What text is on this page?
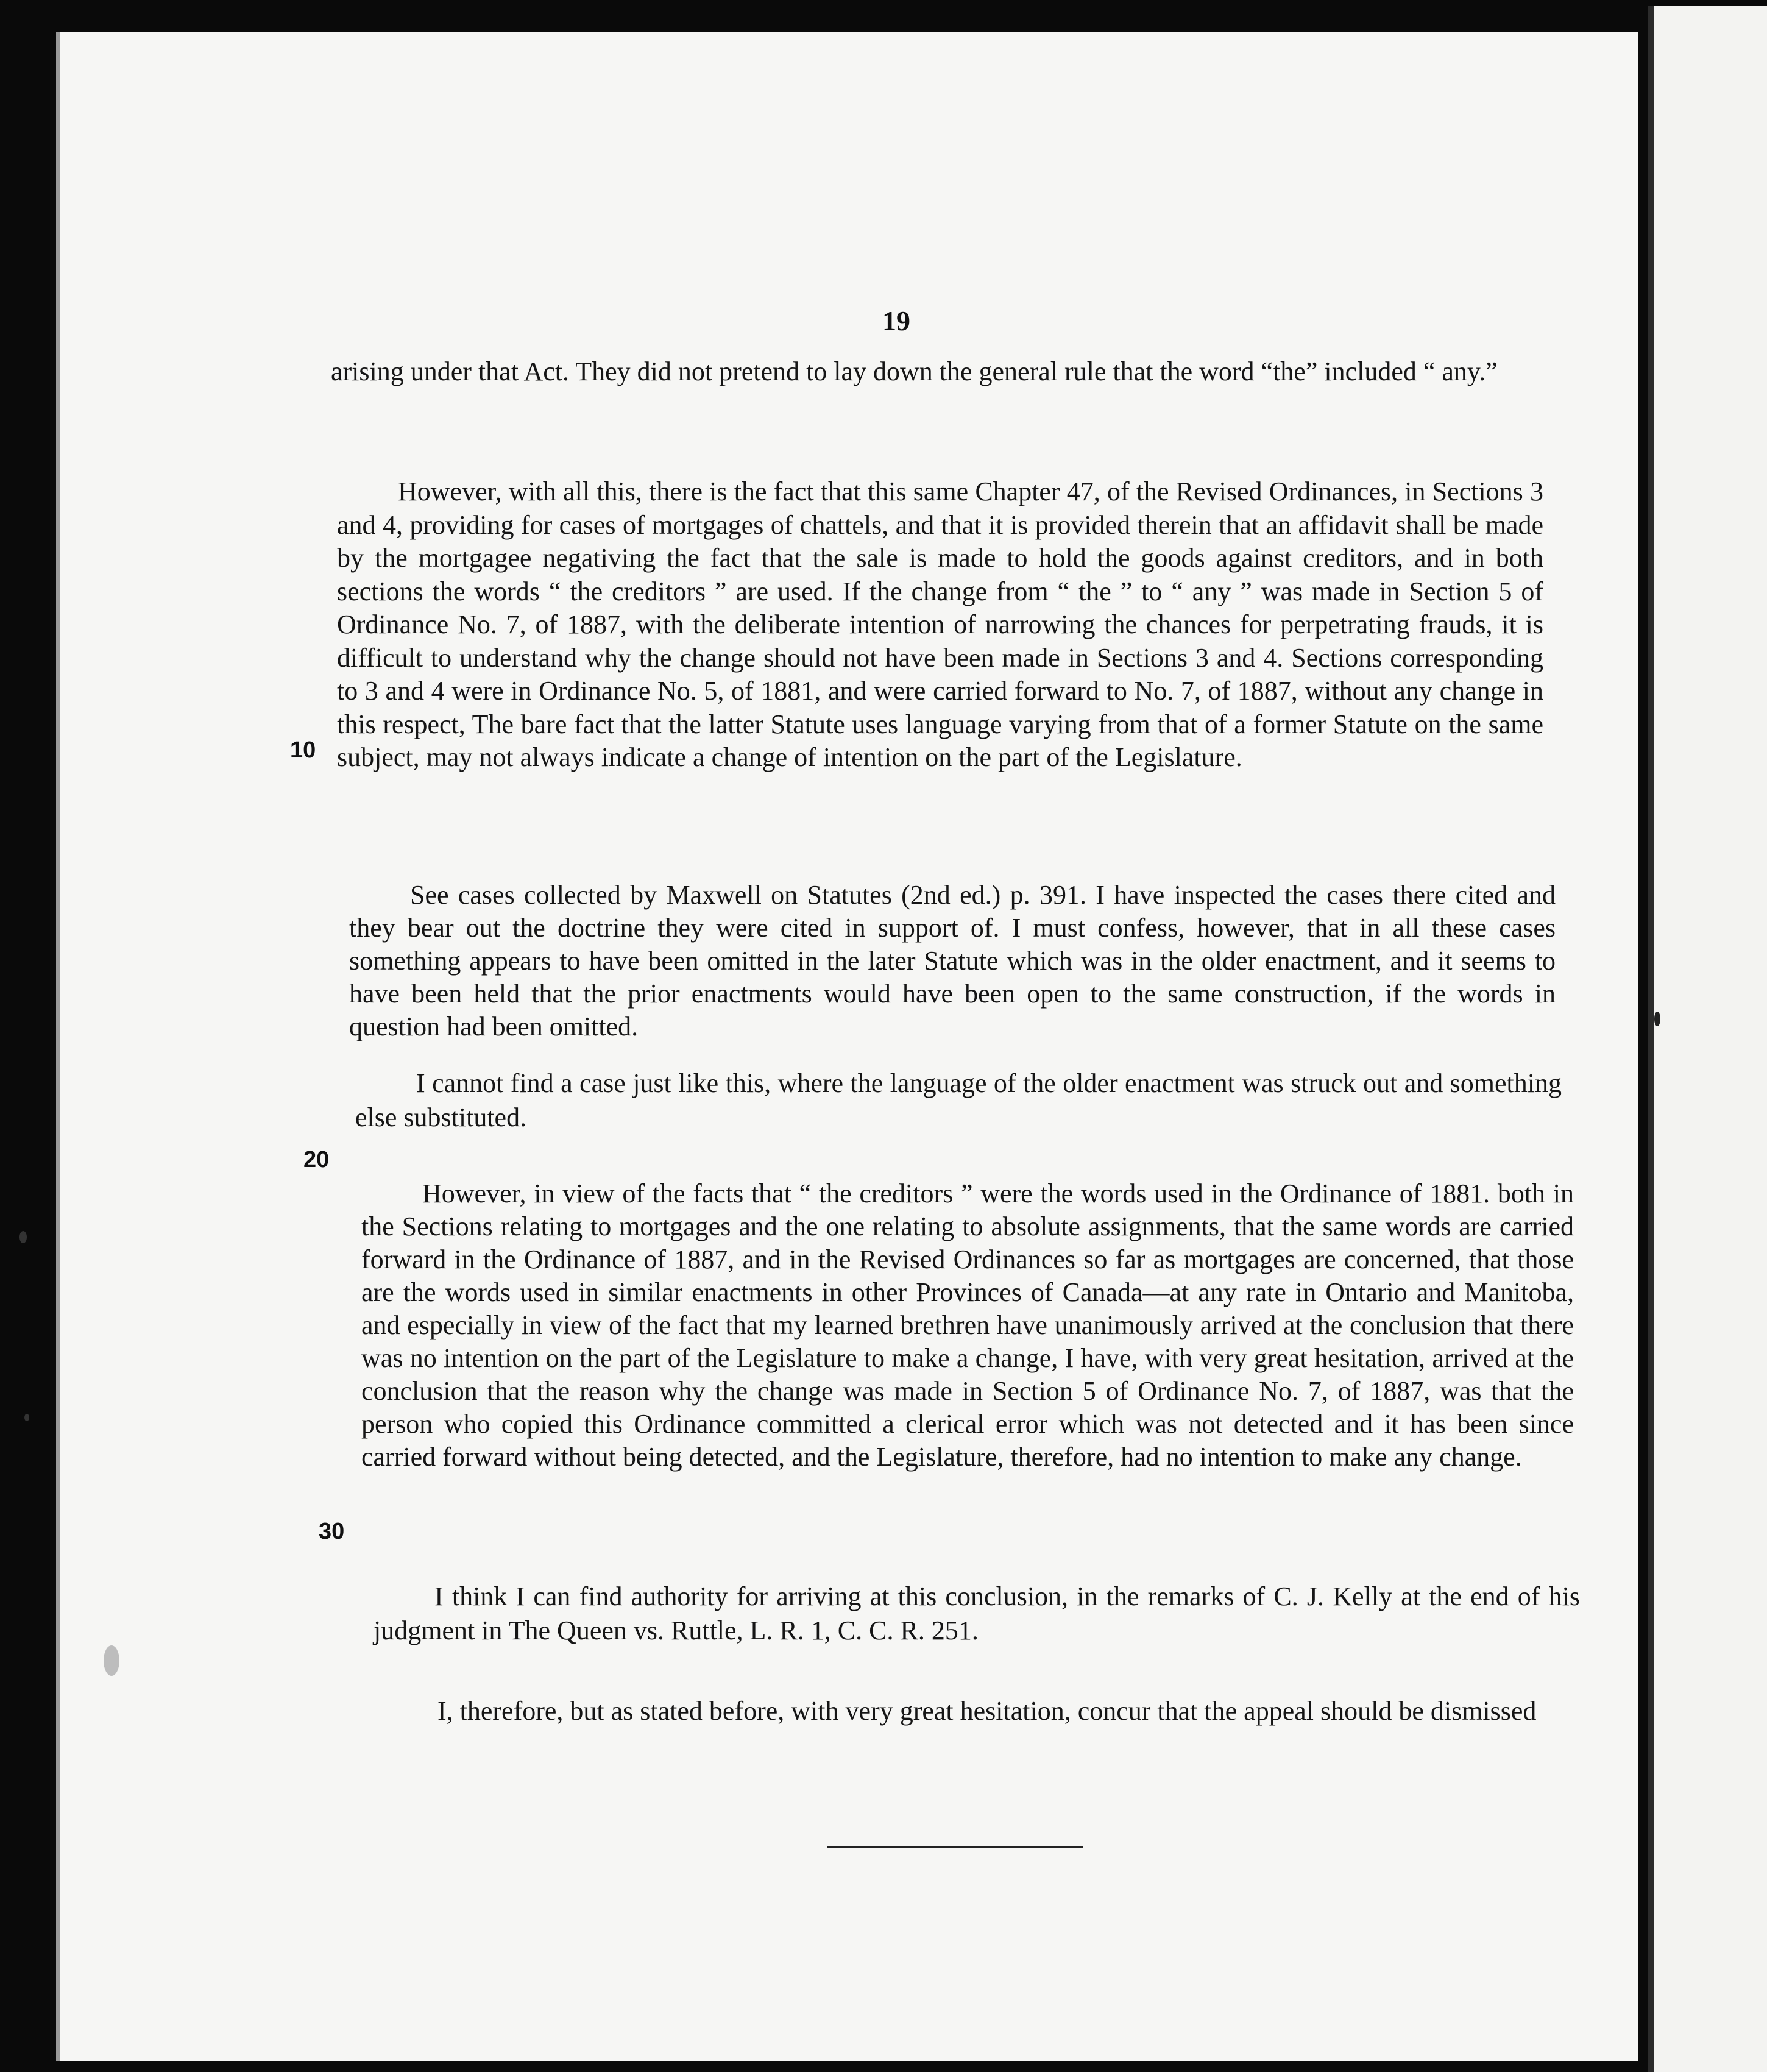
19

arising under that Act. They did not pretend to lay down the general rule that the word “the” included “ any.”

However, with all this, there is the fact that this same Chapter 47, of the Revised Ordinances, in Sections 3 and 4, providing for cases of mortgages of chattels, and that it is provided therein that an affidavit shall be made by the mortgagee negativing the fact that the sale is made to hold the goods against creditors, and in both sections the words “ the creditors ” are used. If the change from “ the ” to “ any ” was made in Section 5 of Ordinance No. 7, of 1887, with the deliberate intention of narrowing the chances for perpetrating frauds, it is difficult to understand why the change should not have been made in Sections 3 and 4. Sections corresponding to 3 and 4 were in Ordinance No. 5, of 1881, and were carried forward to No. 7, of 1887, without any change in this respect, The bare fact that the latter Statute uses language varying from that of a former Statute on the same subject, may not always indicate a change of intention on the part of the Legislature.

See cases collected by Maxwell on Statutes (2nd ed.) p. 391. I have inspected the cases there cited and they bear out the doctrine they were cited in support of. I must confess, however, that in all these cases something appears to have been omitted in the later Statute which was in the older enactment, and it seems to have been held that the prior enactments would have been open to the same construction, if the words in question had been omitted.

I cannot find a case just like this, where the language of the older enactment was struck out and something else substituted.

However, in view of the facts that “ the creditors ” were the words used in the Ordinance of 1881. both in the Sections relating to mortgages and the one relating to absolute assignments, that the same words are carried forward in the Ordinance of 1887, and in the Revised Ordinances so far as mortgages are concerned, that those are the words used in similar enactments in other Provinces of Canada—at any rate in Ontario and Manitoba, and especially in view of the fact that my learned brethren have unanimously arrived at the conclusion that there was no intention on the part of the Legislature to make a change, I have, with very great hesitation, arrived at the conclusion that the reason why the change was made in Section 5 of Ordinance No. 7, of 1887, was that the person who copied this Ordinance committed a clerical error which was not detected and it has been since carried forward without being detected, and the Legislature, therefore, had no intention to make any change.

I think I can find authority for arriving at this conclusion, in the remarks of C. J. Kelly at the end of his judgment in The Queen vs. Ruttle, L. R. 1, C. C. R. 251.

I, therefore, but as stated before, with very great hesitation, concur that the appeal should be dismissed

10

20

30
